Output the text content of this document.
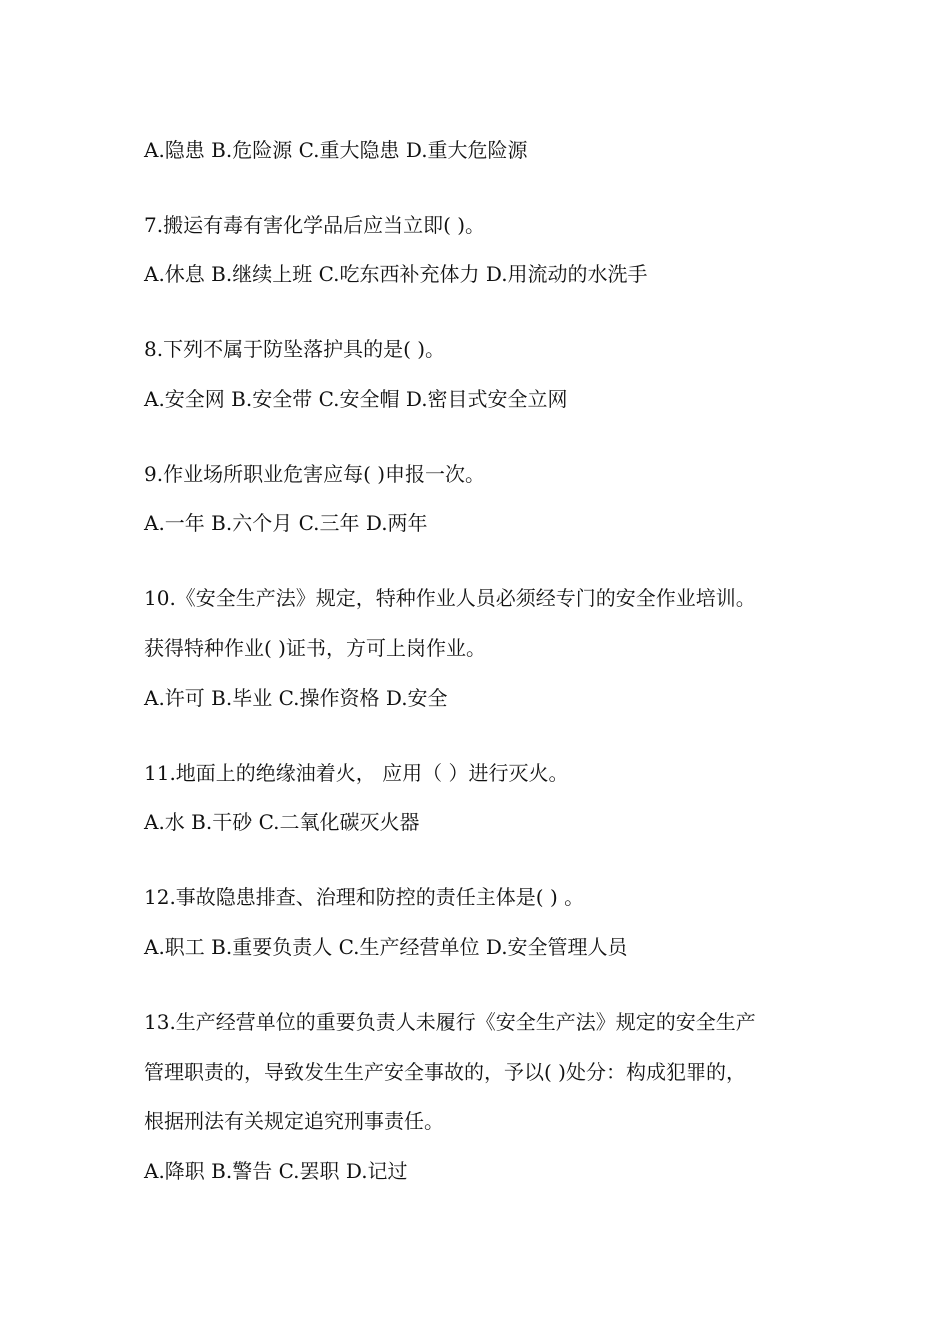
A.隐患 B.危险源 C.重大隐患 D.重大危险源
7.搬运有毒有害化学品后应当立即( )。
A.休息 B.继续上班 C.吃东西补充体力 D.用流动的水洗手
8.下列不属于防坠落护具的是( )。
A.安全网 B.安全带 C.安全帽 D.密目式安全立网
9.作业场所职业危害应每( )申报一次。
A.一年 B.六个月 C.三年 D.两年
10.《安全生产法》规定，特种作业人员必须经专门的安全作业培训。
获得特种作业( )证书，方可上岗作业。
A.许可 B.毕业 C.操作资格 D.安全
11.地面上的绝缘油着火， 应用（ ）进行灭火。
A.水 B.干砂 C.二氧化碳灭火器
12.事故隐患排查、治理和防控的责任主体是( ) 。
A.职工 B.重要负责人 C.生产经营单位 D.安全管理人员
13.生产经营单位的重要负责人未履行《安全生产法》规定的安全生产
管理职责的，导致发生生产安全事故的，予以( )处分：构成犯罪的，
根据刑法有关规定追究刑事责任。
A.降职 B.警告 C.罢职 D.记过
